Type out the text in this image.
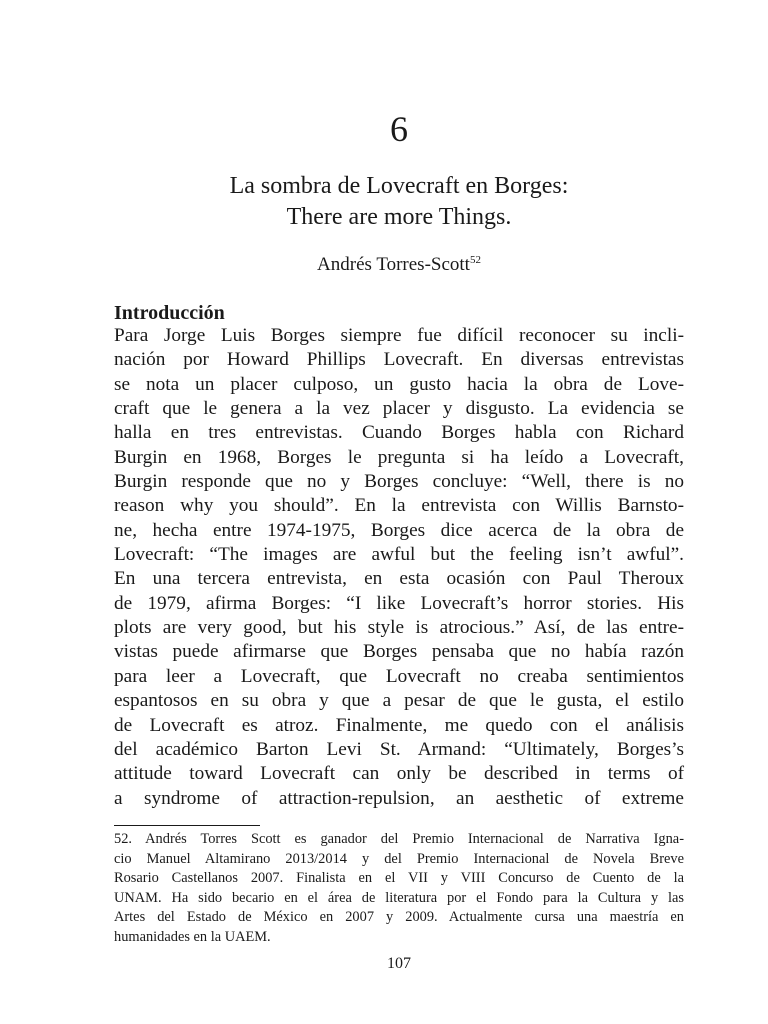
6
La sombra de Lovecraft en Borges:
There are more Things.
Andrés Torres-Scott$^{52}$
Introducción
Para Jorge Luis Borges siempre fue difícil reconocer su incli-
nación por Howard Phillips Lovecraft. En diversas entrevistas
se nota un placer culposo, un gusto hacia la obra de Love-
craft que le genera a la vez placer y disgusto. La evidencia se
halla en tres entrevistas. Cuando Borges habla con Richard
Burgin en 1968, Borges le pregunta si ha leído a Lovecraft,
Burgin responde que no y Borges concluye: “Well, there is no
reason why you should”. En la entrevista con Willis Barnsto-
ne, hecha entre 1974-1975, Borges dice acerca de la obra de
Lovecraft: “The images are awful but the feeling isn’t awful”.
En una tercera entrevista, en esta ocasión con Paul Theroux
de 1979, afirma Borges: “I like Lovecraft’s horror stories. His
plots are very good, but his style is atrocious.” Así, de las entre-
vistas puede afirmarse que Borges pensaba que no había razón
para leer a Lovecraft, que Lovecraft no creaba sentimientos
espantosos en su obra y que a pesar de que le gusta, el estilo
de Lovecraft es atroz. Finalmente, me quedo con el análisis
del académico Barton Levi St. Armand: “Ultimately, Borges’s
attitude toward Lovecraft can only be described in terms of
a syndrome of attraction-repulsion, an aesthetic of extreme
52. Andrés Torres Scott es ganador del Premio Internacional de Narrativa Igna-
cio Manuel Altamirano 2013/2014 y del Premio Internacional de Novela Breve
Rosario Castellanos 2007. Finalista en el VII y VIII Concurso de Cuento de la
UNAM. Ha sido becario en el área de literatura por el Fondo para la Cultura y las
Artes del Estado de México en 2007 y 2009. Actualmente cursa una maestría en
humanidades en la UAEM.
107
